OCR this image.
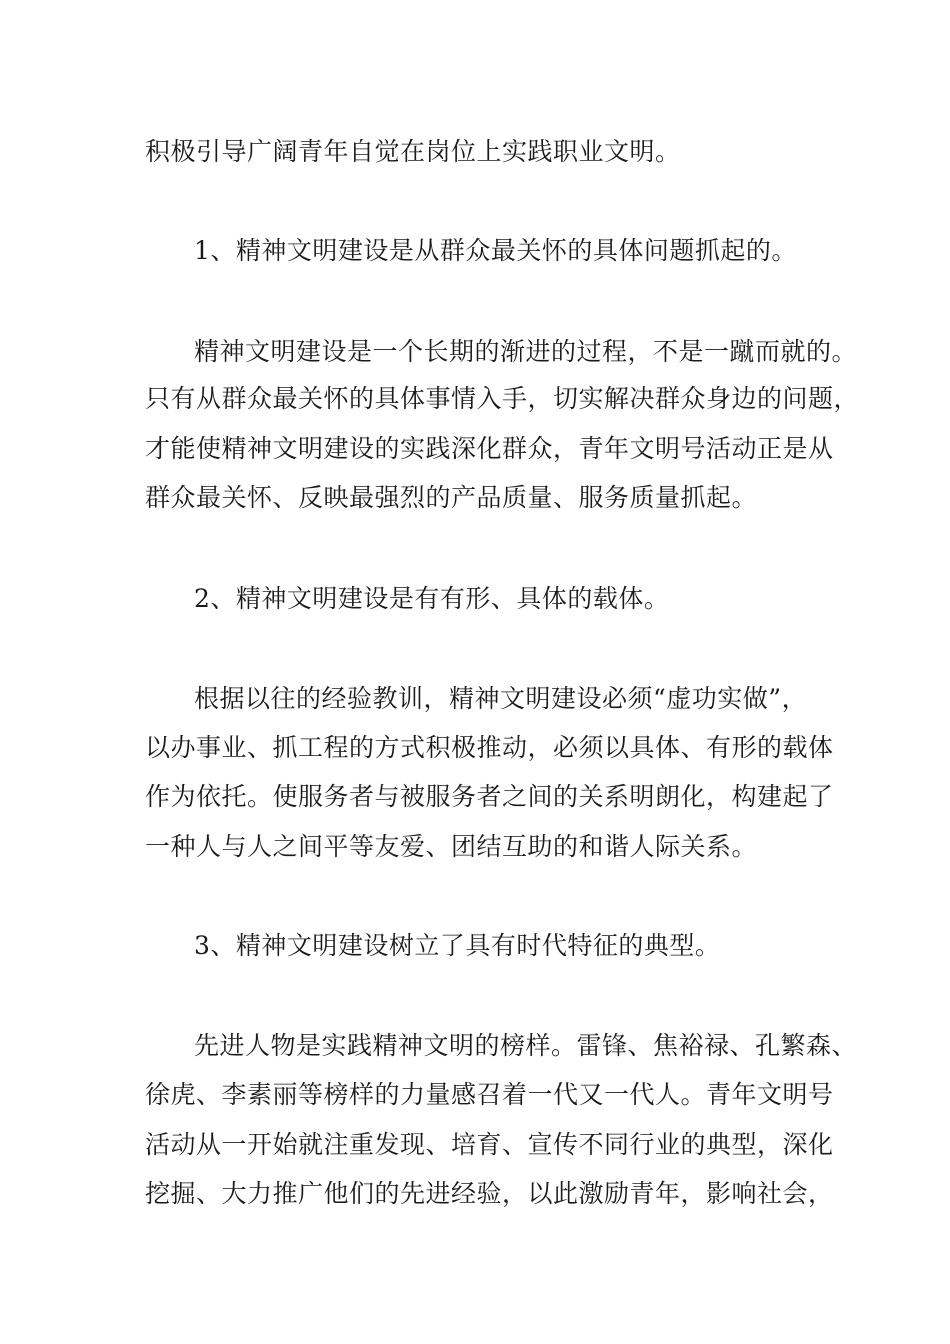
积极引导广阔青年自觉在岗位上实践职业文明。
1、精神文明建设是从群众最关怀的具体问题抓起的。
精神文明建设是一个长期的渐进的过程，不是一蹴而就的。
只有从群众最关怀的具体事情入手，切实解决群众身边的问题，
才能使精神文明建设的实践深化群众，青年文明号活动正是从
群众最关怀、反映最强烈的产品质量、服务质量抓起。
2、精神文明建设是有有形、具体的载体。
根据以往的经验教训，精神文明建设必须“虚功实做”，
以办事业、抓工程的方式积极推动，必须以具体、有形的载体
作为依托。使服务者与被服务者之间的关系明朗化，构建起了
一种人与人之间平等友爱、团结互助的和谐人际关系。
3、精神文明建设树立了具有时代特征的典型。
先进人物是实践精神文明的榜样。雷锋、焦裕禄、孔繁森、
徐虎、李素丽等榜样的力量感召着一代又一代人。青年文明号
活动从一开始就注重发现、培育、宣传不同行业的典型，深化
挖掘、大力推广他们的先进经验，以此激励青年，影响社会，
